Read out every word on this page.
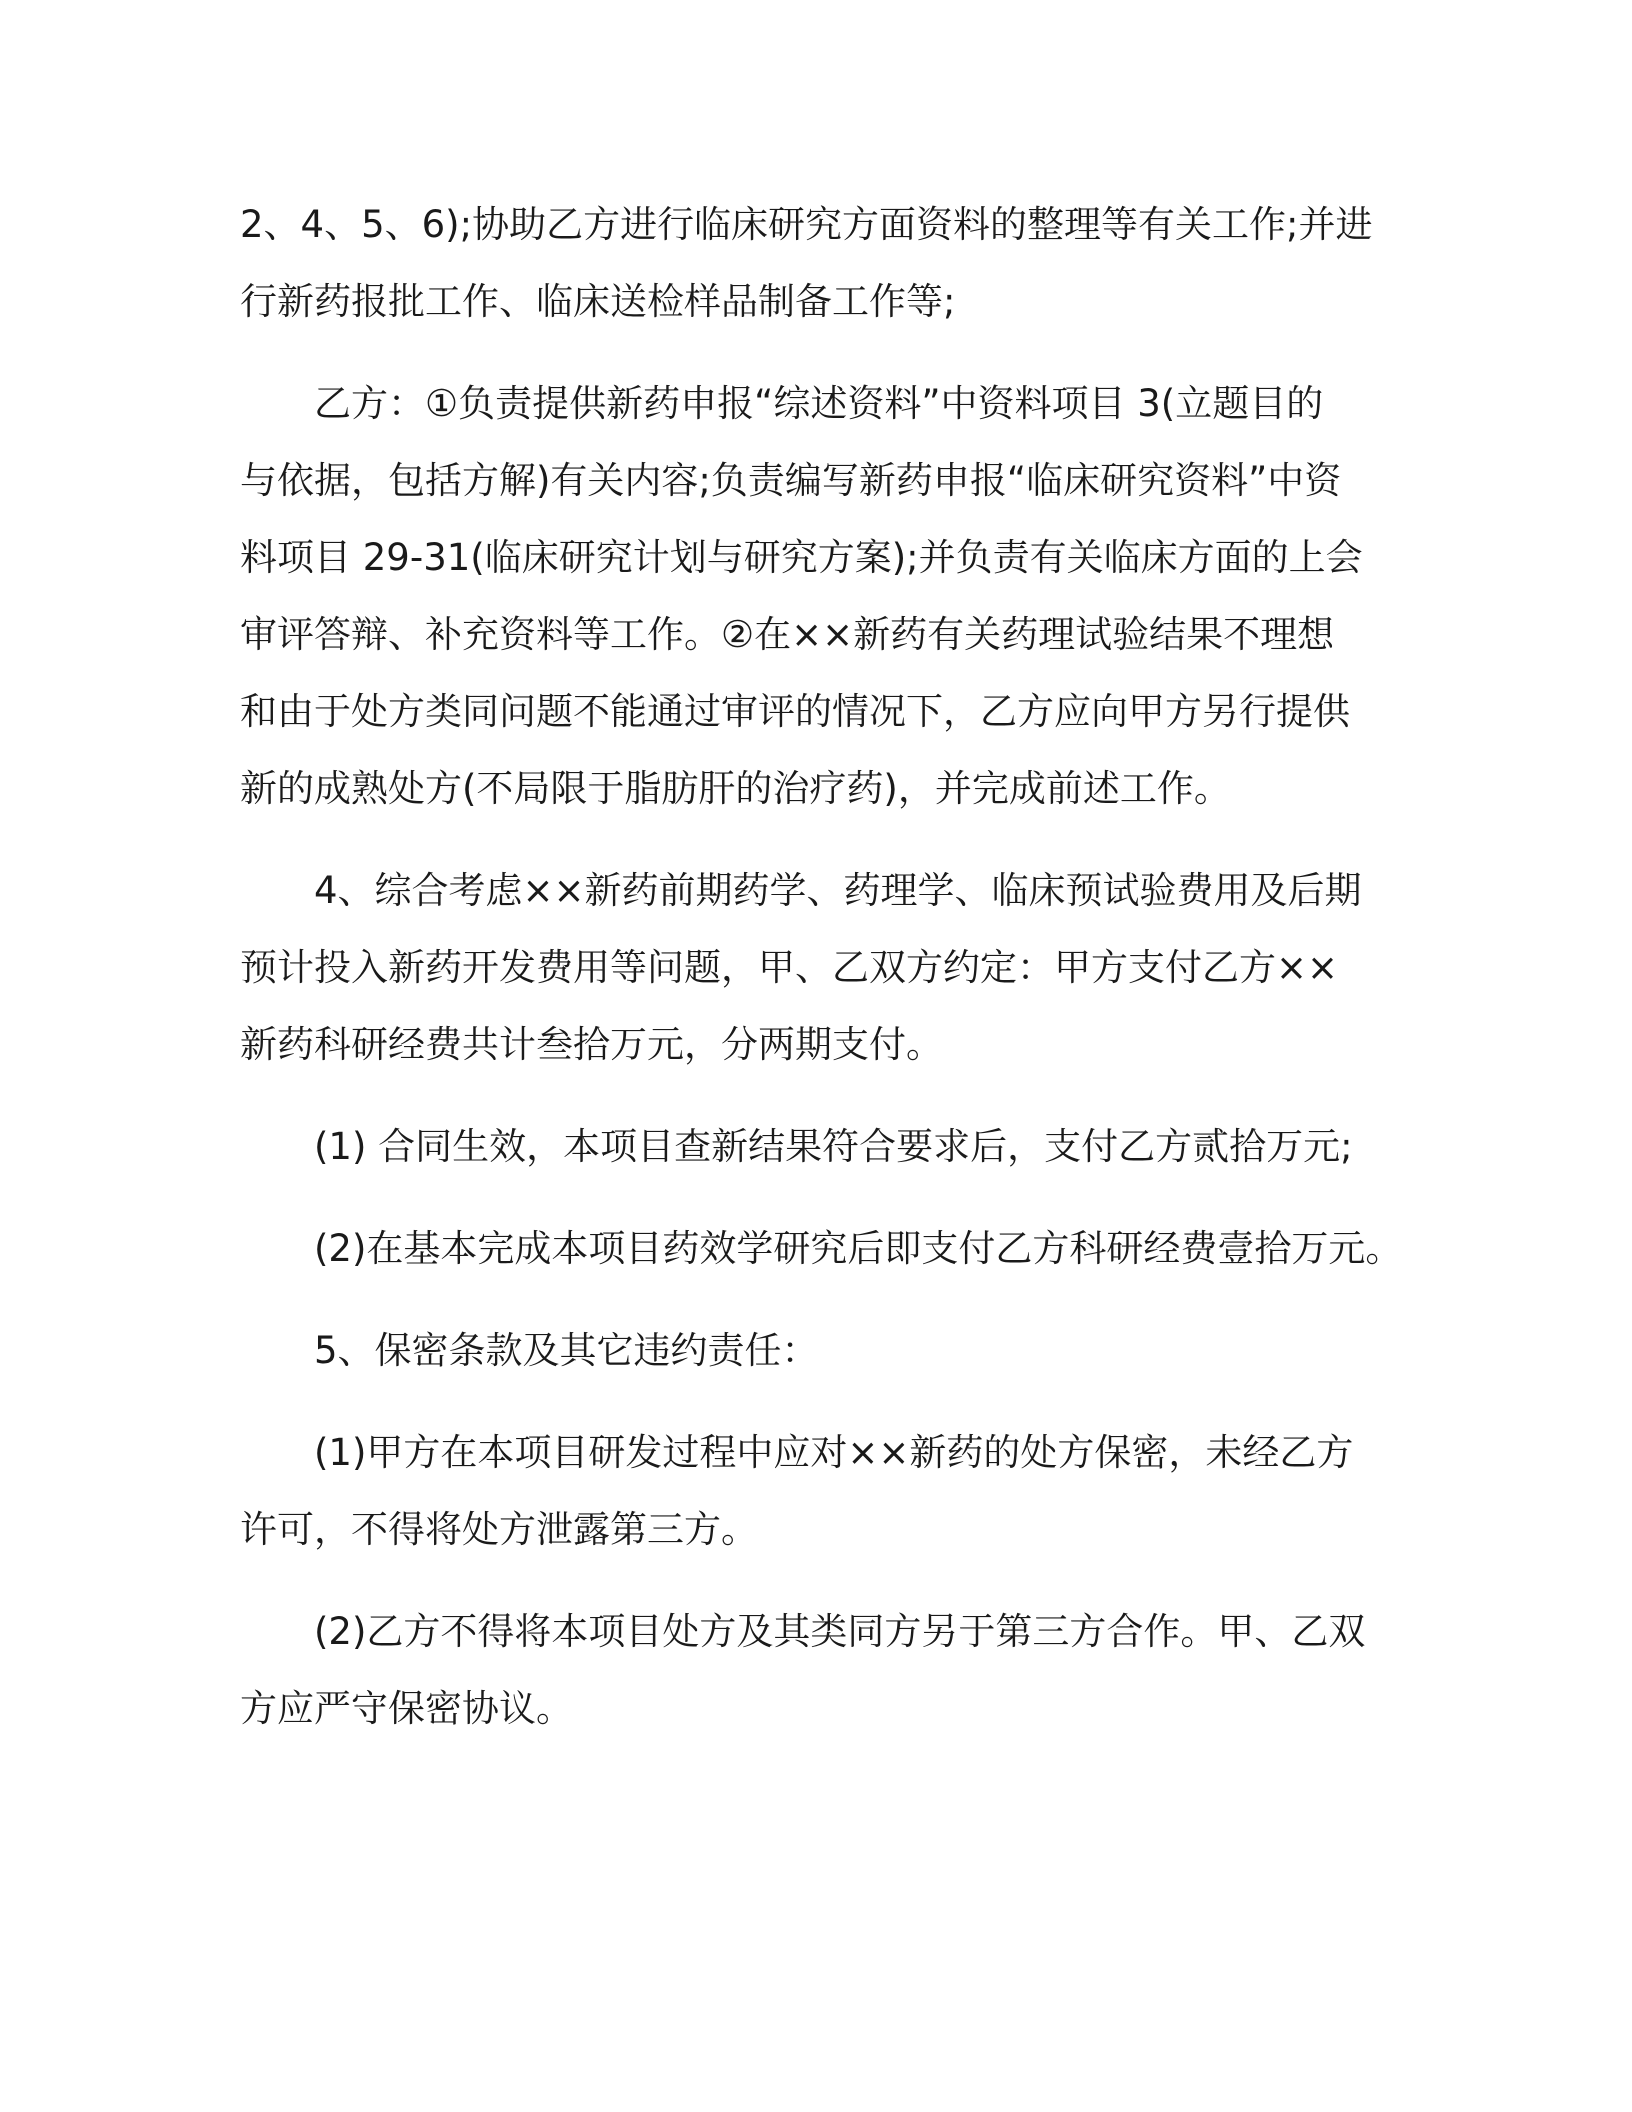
2、4、5、6);协助乙方进行临床研究方面资料的整理等有关工作;并进
行新药报批工作、临床送检样品制备工作等;

乙方：①负责提供新药申报“综述资料”中资料项目 3(立题目的
与依据，包括方解)有关内容;负责编写新药申报“临床研究资料”中资
料项目 29-31(临床研究计划与研究方案);并负责有关临床方面的上会
审评答辩、补充资料等工作。②在××新药有关药理试验结果不理想
和由于处方类同问题不能通过审评的情况下，乙方应向甲方另行提供
新的成熟处方(不局限于脂肪肝的治疗药)，并完成前述工作。

4、综合考虑××新药前期药学、药理学、临床预试验费用及后期
预计投入新药开发费用等问题，甲、乙双方约定：甲方支付乙方××
新药科研经费共计叁拾万元，分两期支付。

(1) 合同生效，本项目查新结果符合要求后，支付乙方贰拾万元;

(2)在基本完成本项目药效学研究后即支付乙方科研经费壹拾万元。

5、保密条款及其它违约责任：

(1)甲方在本项目研发过程中应对××新药的处方保密，未经乙方
许可，不得将处方泄露第三方。

(2)乙方不得将本项目处方及其类同方另于第三方合作。甲、乙双
方应严守保密协议。
